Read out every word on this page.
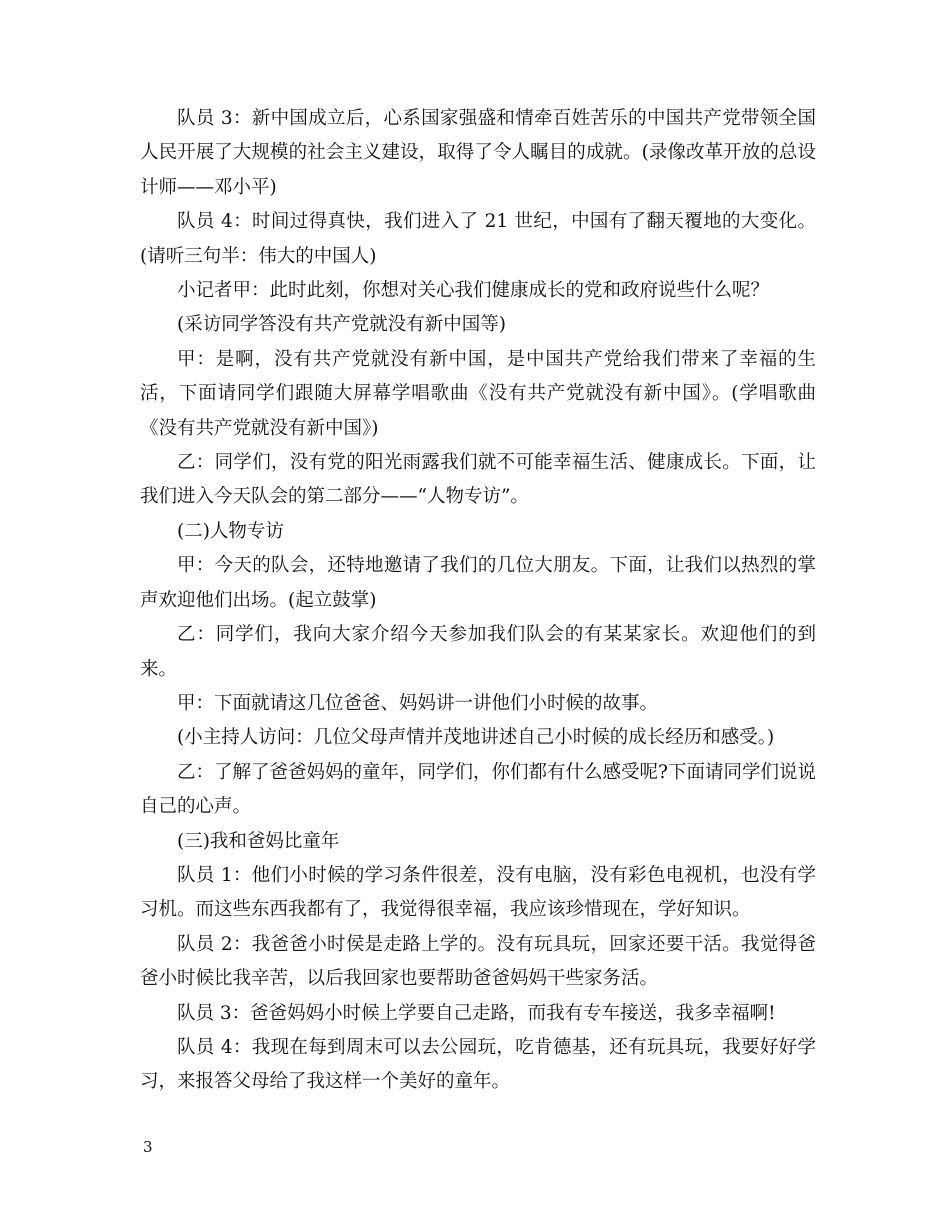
队员 3：新中国成立后，心系国家强盛和情牵百姓苦乐的中国共产党带领全国人民开展了大规模的社会主义建设，取得了令人瞩目的成就。(录像改革开放的总设计师——邓小平)

队员 4：时间过得真快，我们进入了 21 世纪，中国有了翻天覆地的大变化。(请听三句半：伟大的中国人)

小记者甲：此时此刻，你想对关心我们健康成长的党和政府说些什么呢？

(采访同学答没有共产党就没有新中国等)

甲：是啊，没有共产党就没有新中国，是中国共产党给我们带来了幸福的生活，下面请同学们跟随大屏幕学唱歌曲《没有共产党就没有新中国》。(学唱歌曲《没有共产党就没有新中国》)

乙：同学们，没有党的阳光雨露我们就不可能幸福生活、健康成长。下面，让我们进入今天队会的第二部分——“人物专访”。

(二)人物专访

甲：今天的队会，还特地邀请了我们的几位大朋友。下面，让我们以热烈的掌声欢迎他们出场。(起立鼓掌)

乙：同学们，我向大家介绍今天参加我们队会的有某某家长。欢迎他们的到来。

甲：下面就请这几位爸爸、妈妈讲一讲他们小时候的故事。

(小主持人访问：几位父母声情并茂地讲述自己小时候的成长经历和感受。)

乙：了解了爸爸妈妈的童年，同学们，你们都有什么感受呢?下面请同学们说说自己的心声。

(三)我和爸妈比童年

队员 1：他们小时候的学习条件很差，没有电脑，没有彩色电视机，也没有学习机。而这些东西我都有了，我觉得很幸福，我应该珍惜现在，学好知识。

队员 2：我爸爸小时侯是走路上学的。没有玩具玩，回家还要干活。我觉得爸爸小时候比我辛苦，以后我回家也要帮助爸爸妈妈干些家务活。

队员 3：爸爸妈妈小时候上学要自己走路，而我有专车接送，我多幸福啊!

队员 4：我现在每到周末可以去公园玩，吃肯德基，还有玩具玩，我要好好学习，来报答父母给了我这样一个美好的童年。

3
